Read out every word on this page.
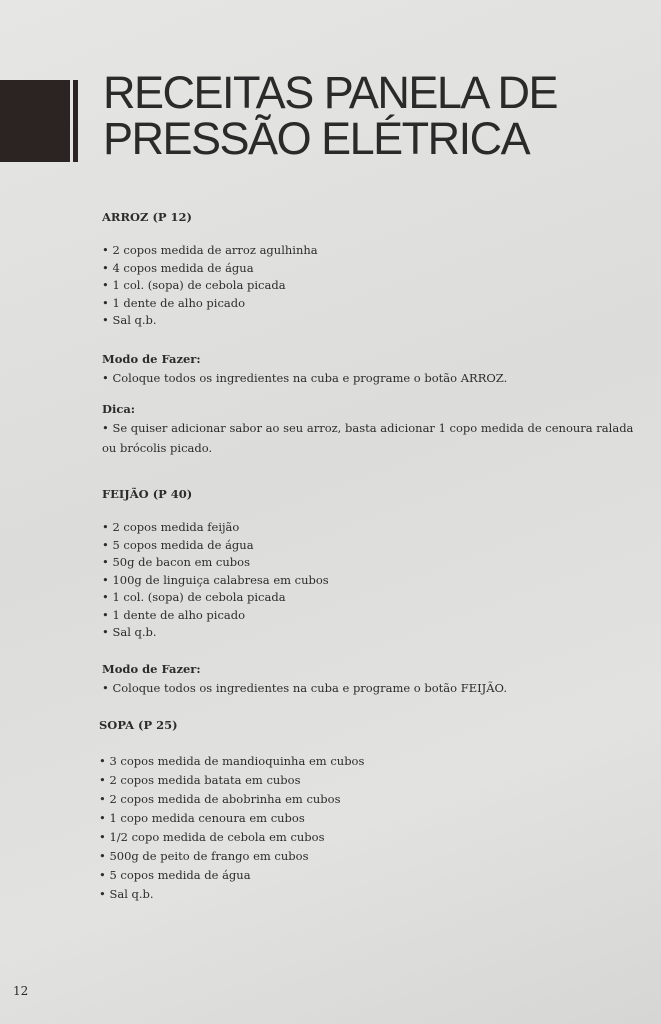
RECEITAS PANELA DE
PRESSÃO ELÉTRICA

ARROZ (P 12)

• 2 copos medida de arroz agulhinha
• 4 copos medida de água
• 1 col. (sopa) de cebola picada
• 1 dente de alho picado
• Sal q.b.

Modo de Fazer:

• Coloque todos os ingredientes na cuba e programe o botão ARROZ.

Dica:

• Se quiser adicionar sabor ao seu arroz, basta adicionar 1 copo medida de cenoura ralada ou brócolis picado.

FEIJÃO (P 40)

• 2 copos medida feijão
• 5 copos medida de água
• 50g de bacon em cubos
• 100g de linguiça calabresa em cubos
• 1 col. (sopa) de cebola picada
• 1 dente de alho picado
• Sal q.b.

Modo de Fazer:

• Coloque todos os ingredientes na cuba e programe o botão FEIJÃO.

SOPA (P 25)

• 3 copos medida de mandioquinha em cubos
• 2 copos medida batata em cubos
• 2 copos medida de abobrinha em cubos
• 1 copo medida cenoura em cubos
• 1/2 copo medida de cebola em cubos
• 500g de peito de frango em cubos
• 5 copos medida de água
• Sal q.b.
12
